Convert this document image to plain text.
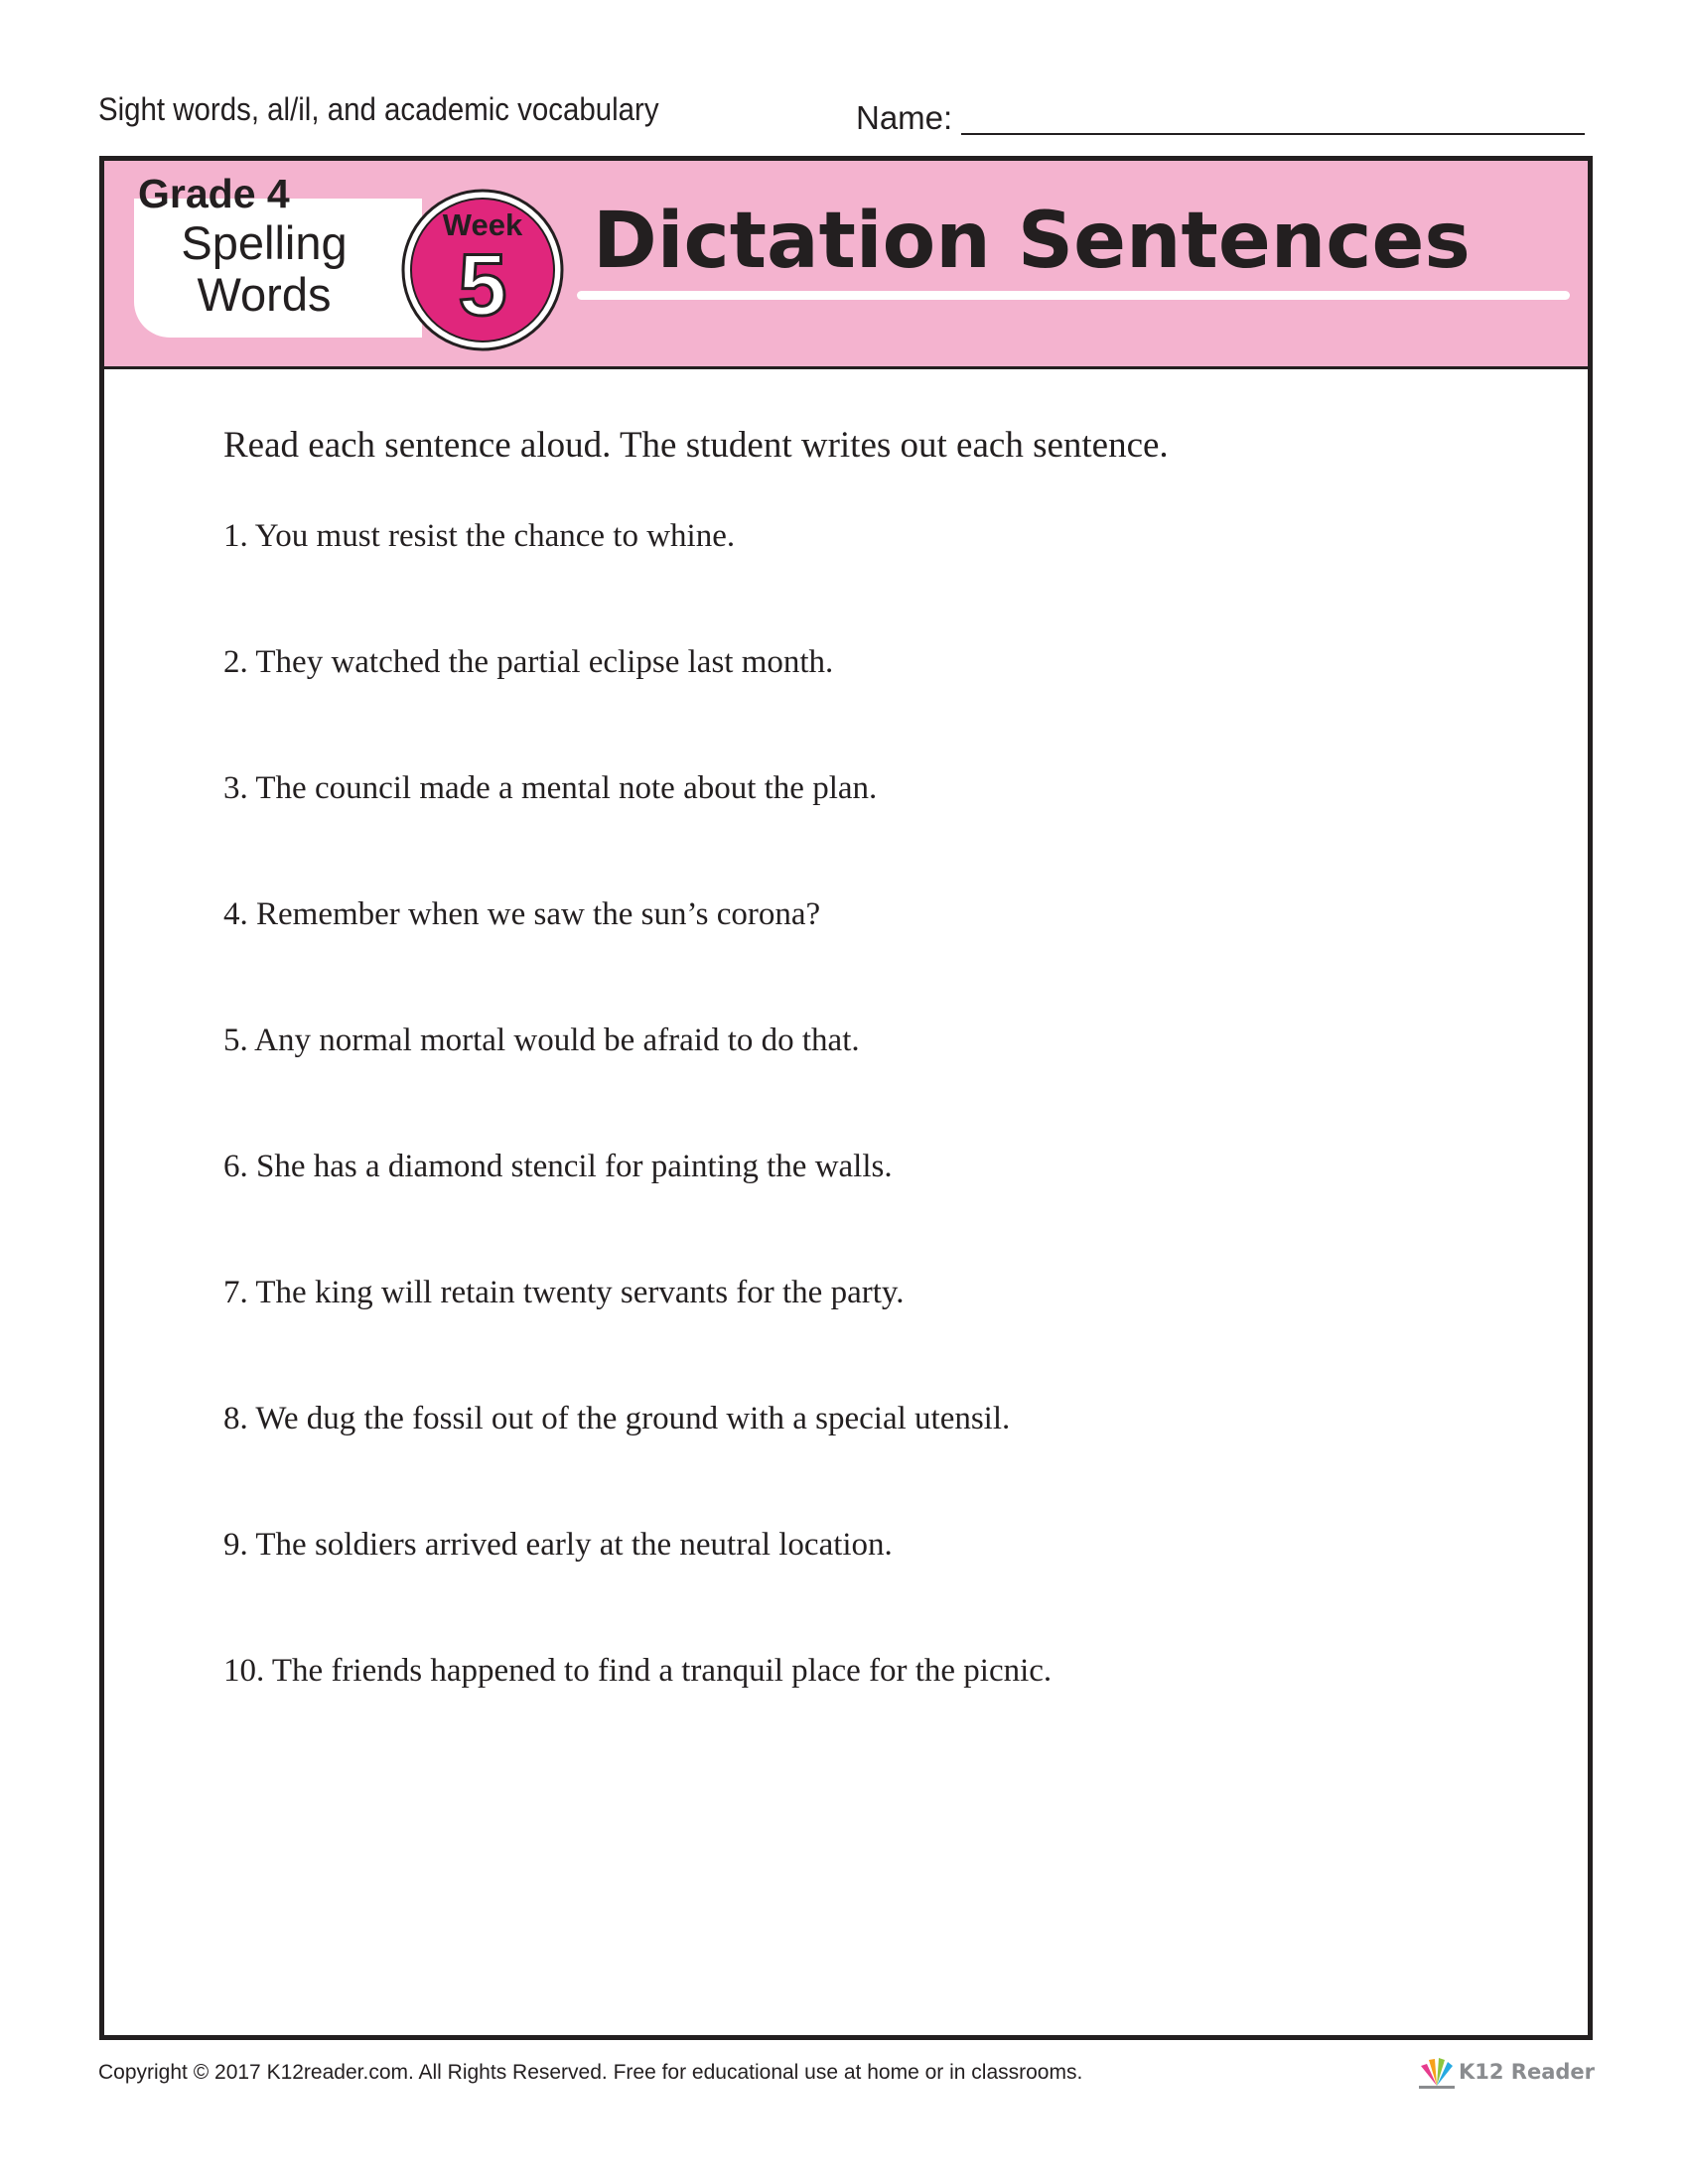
Sight words, al/il, and academic vocabulary	Name:
Grade 4
Spelling
Words
Week
5	Dictation Sentences
Read each sentence aloud. The student writes out each sentence.
1. You must resist the chance to whine.
2. They watched the partial eclipse last month.
3. The council made a mental note about the plan.
4. Remember when we saw the sun’s corona?
5. Any normal mortal would be afraid to do that.
6. She has a diamond stencil for painting the walls.
7. The king will retain twenty servants for the party.
8. We dug the fossil out of the ground with a special utensil.
9. The soldiers arrived early at the neutral location.
10. The friends happened to find a tranquil place for the picnic.
Copyright © 2017 K12reader.com. All Rights Reserved. Free for educational use at home or in classrooms.	K12 Reader
